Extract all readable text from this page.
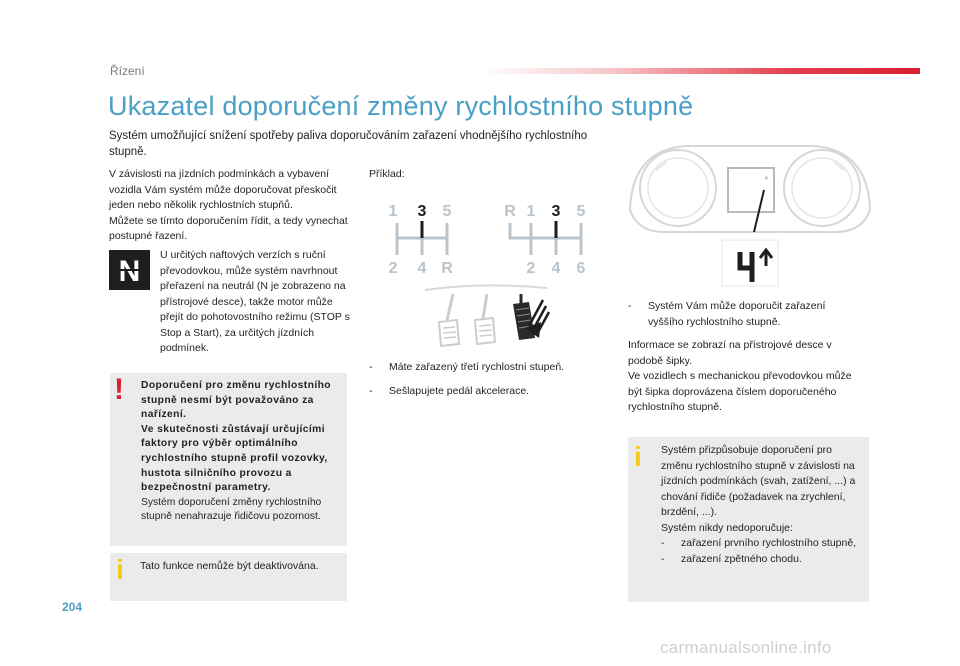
Řízení
Ukazatel doporučení změny rychlostního stupně
Systém umožňující snížení spotřeby paliva doporučováním zařazení vhodnějšího rychlostního stupně.
V závislosti na jízdních podmínkách a vybavení vozidla Vám systém může doporučovat přeskočit jeden nebo několik rychlostních stupňů.
Můžete se tímto doporučením řídit, a tedy vynechat postupné řazení.
N U určitých naftových verzích s ruční převodovkou, může systém navrhnout přeřazení na neutrál (N je zobrazeno na přístrojové desce), takže motor může přejít do pohotovostního režimu (STOP s Stop a Start), za určitých jízdních podmínek.
! Doporučení pro změnu rychlostního stupně nesmí být považováno za nařízení.
Ve skutečnosti zůstávají určujícími faktory pro výběr optimálního rychlostního stupně profil vozovky, hustota silničního provozu a bezpečnostní parametry.
Systém doporučení změny rychlostního stupně nenahrazuje řidičovu pozornost.
i Tato funkce nemůže být deaktivována.
Příklad:
1 3 5
2 4 R
R 1 3 5
2 4 6
-	Máte zařazený třetí rychlostní stupeň.
-	Sešlapujete pedál akcelerace.
4
-	Systém Vám může doporučit zařazení vyššího rychlostního stupně.
Informace se zobrazí na přístrojové desce v podobě šipky.
Ve vozidlech s mechanickou převodovkou může být šipka doprovázena číslem doporučeného rychlostního stupně.
i Systém přizpůsobuje doporučení pro změnu rychlostního stupně v závislosti na jízdních podmínkách (svah, zatížení, ...) a chování řidiče (požadavek na zrychlení, brzdění, ...).
Systém nikdy nedoporučuje:
-	zařazení prvního rychlostního stupně,
-	zařazení zpětného chodu.
204
carmanualsonline.info
